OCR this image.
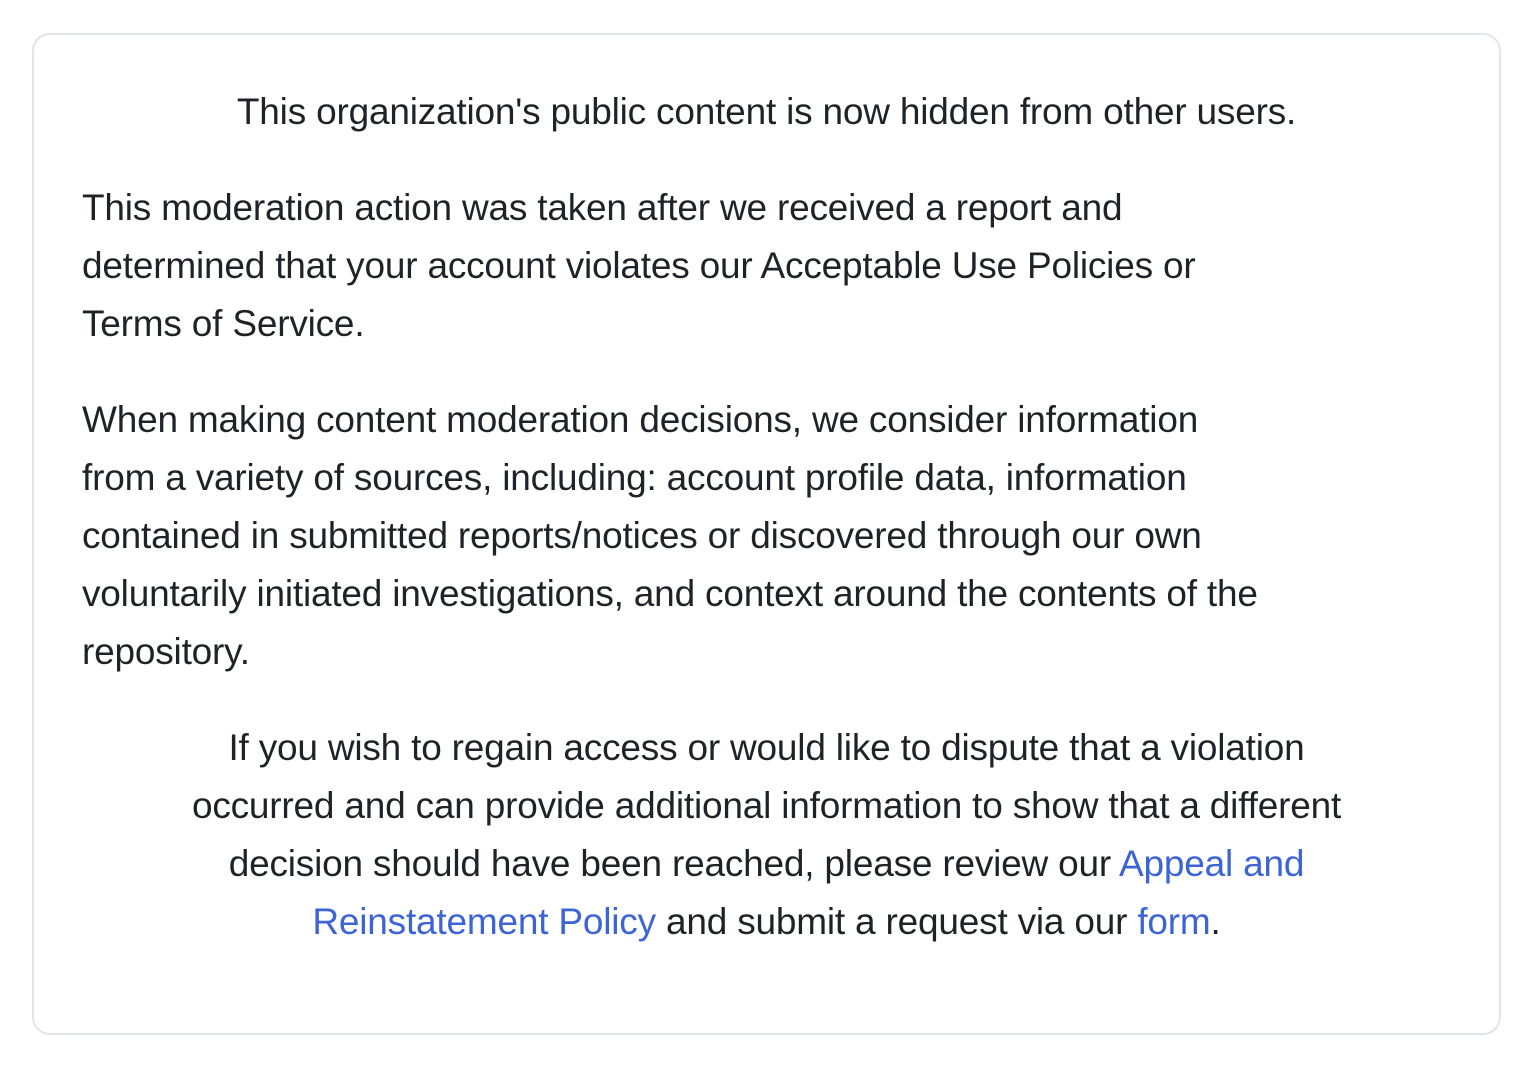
This organization's public content is now hidden from other users.

This moderation action was taken after we received a report and
determined that your account violates our Acceptable Use Policies or
Terms of Service.

When making content moderation decisions, we consider information
from a variety of sources, including: account profile data, information
contained in submitted reports/notices or discovered through our own
voluntarily initiated investigations, and context around the contents of the
repository.

If you wish to regain access or would like to dispute that a violation
occurred and can provide additional information to show that a different
decision should have been reached, please review our Appeal and
Reinstatement Policy and submit a request via our form.
